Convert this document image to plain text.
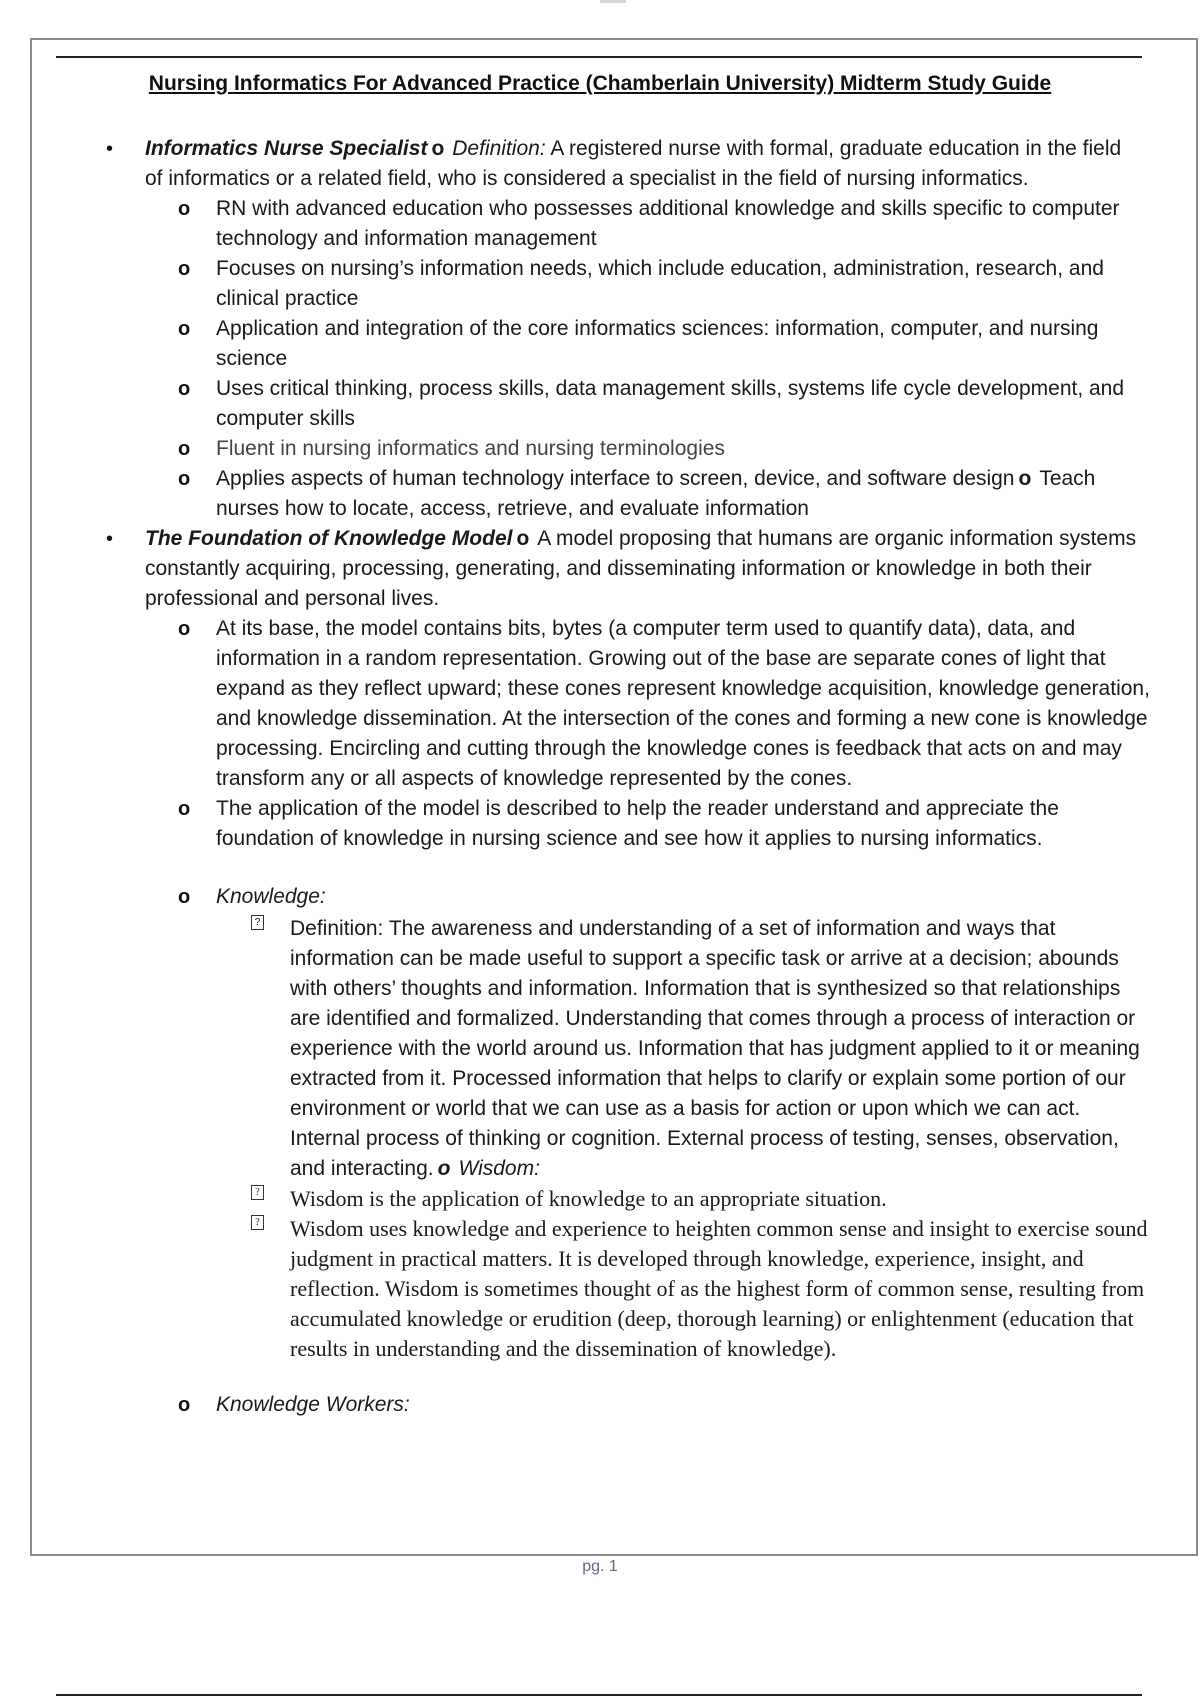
Nursing Informatics For Advanced Practice (Chamberlain University) Midterm Study Guide
• Informatics Nurse Specialist o Definition: A registered nurse with formal, graduate education in the field of informatics or a related field, who is considered a specialist in the field of nursing informatics.
o RN with advanced education who possesses additional knowledge and skills specific to computer technology and information management
o Focuses on nursing’s information needs, which include education, administration, research, and clinical practice
o Application and integration of the core informatics sciences: information, computer, and nursing science
o Uses critical thinking, process skills, data management skills, systems life cycle development, and computer skills
o Fluent in nursing informatics and nursing terminologies
o Applies aspects of human technology interface to screen, device, and software design o Teach nurses how to locate, access, retrieve, and evaluate information
• The Foundation of Knowledge Model o A model proposing that humans are organic information systems constantly acquiring, processing, generating, and disseminating information or knowledge in both their professional and personal lives.
o At its base, the model contains bits, bytes (a computer term used to quantify data), data, and information in a random representation. Growing out of the base are separate cones of light that expand as they reflect upward; these cones represent knowledge acquisition, knowledge generation, and knowledge dissemination. At the intersection of the cones and forming a new cone is knowledge processing. Encircling and cutting through the knowledge cones is feedback that acts on and may transform any or all aspects of knowledge represented by the cones.
o The application of the model is described to help the reader understand and appreciate the foundation of knowledge in nursing science and see how it applies to nursing informatics.
o Knowledge:
? Definition: The awareness and understanding of a set of information and ways that information can be made useful to support a specific task or arrive at a decision; abounds with others’ thoughts and information. Information that is synthesized so that relationships are identified and formalized. Understanding that comes through a process of interaction or experience with the world around us. Information that has judgment applied to it or meaning extracted from it. Processed information that helps to clarify or explain some portion of our environment or world that we can use as a basis for action or upon which we can act. Internal process of thinking or cognition. External process of testing, senses, observation, and interacting. o Wisdom:
? Wisdom is the application of knowledge to an appropriate situation.
? Wisdom uses knowledge and experience to heighten common sense and insight to exercise sound judgment in practical matters. It is developed through knowledge, experience, insight, and reflection. Wisdom is sometimes thought of as the highest form of common sense, resulting from accumulated knowledge or erudition (deep, thorough learning) or enlightenment (education that results in understanding and the dissemination of knowledge).
o Knowledge Workers:
pg. 1
